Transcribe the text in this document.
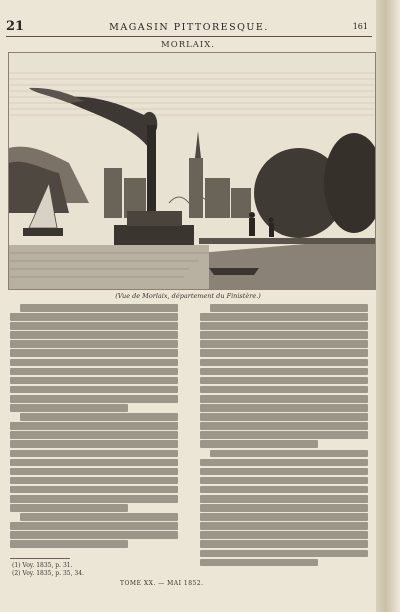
21	MAGASIN PITTORESQUE.	161
MORLAIX.
(Vue de Morlaix, département du Finistère.)
(1) Voy. 1835, p. 31.
(2) Voy. 1835, p. 35, 34.
TOME XX. — MAI 1852.
